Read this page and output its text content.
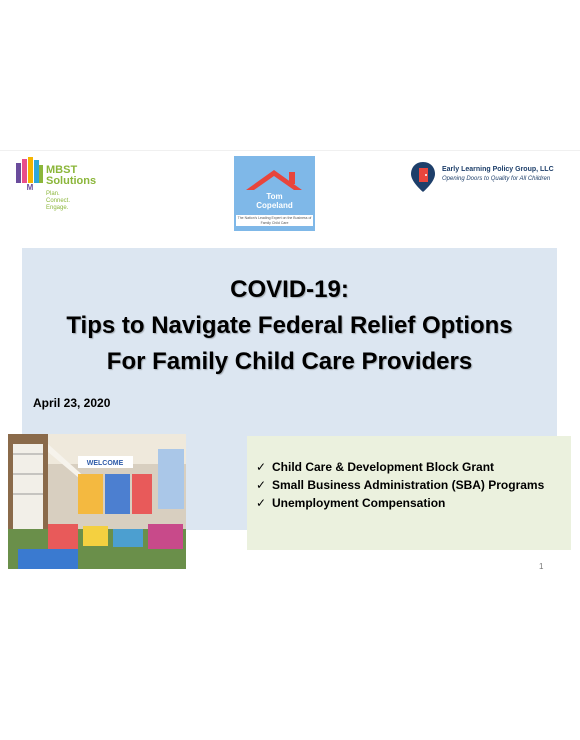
M
MBST
Solutions
Plan.
Connect.
Engage.
Tom
Copeland
The Nation's Leading Expert on the Business of Family Child Care
Early Learning Policy Group, LLC
Opening Doors to Quality for All Children
COVID-19:
Tips to Navigate Federal Relief Options
For Family Child Care Providers
April 23, 2020
WELCOME	✓ Child Care & Development Block Grant
✓ Small Business Administration (SBA) Programs
✓ Unemployment Compensation
1
